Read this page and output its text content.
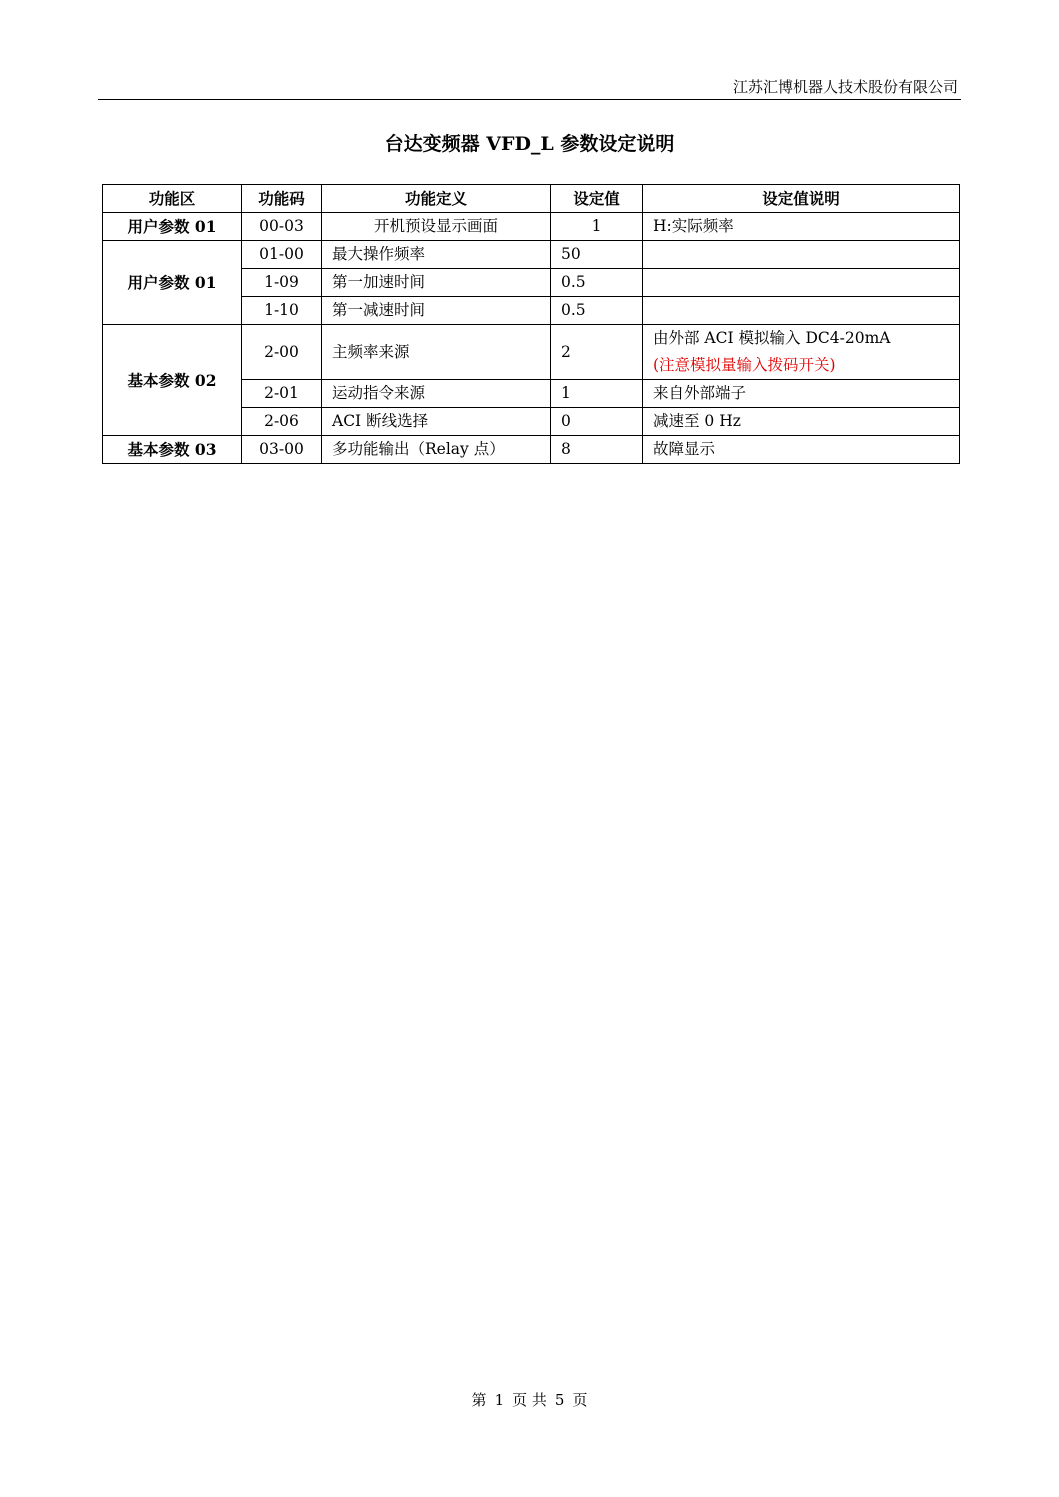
江苏汇博机器人技术股份有限公司
台达变频器 VFD_L 参数设定说明
功能区	功能码	功能定义	设定值	设定值说明
用户参数 01	00-03	开机预设显示画面	1	H:实际频率
用户参数 01	01-00	最大操作频率	50	
	1-09	第一加速时间	0.5	
	1-10	第一减速时间	0.5	
基本参数 02	2-00	主频率来源	2	由外部 ACI 模拟输入 DC4-20mA
(注意模拟量输入拨码开关)

	2-01	运动指令来源	1	来自外部端子
	2-06	ACI 断线选择	0	减速至 0 Hz
基本参数 03	03-00	多功能输出（Relay 点）	8	故障显示
第 1 页 共 5 页
